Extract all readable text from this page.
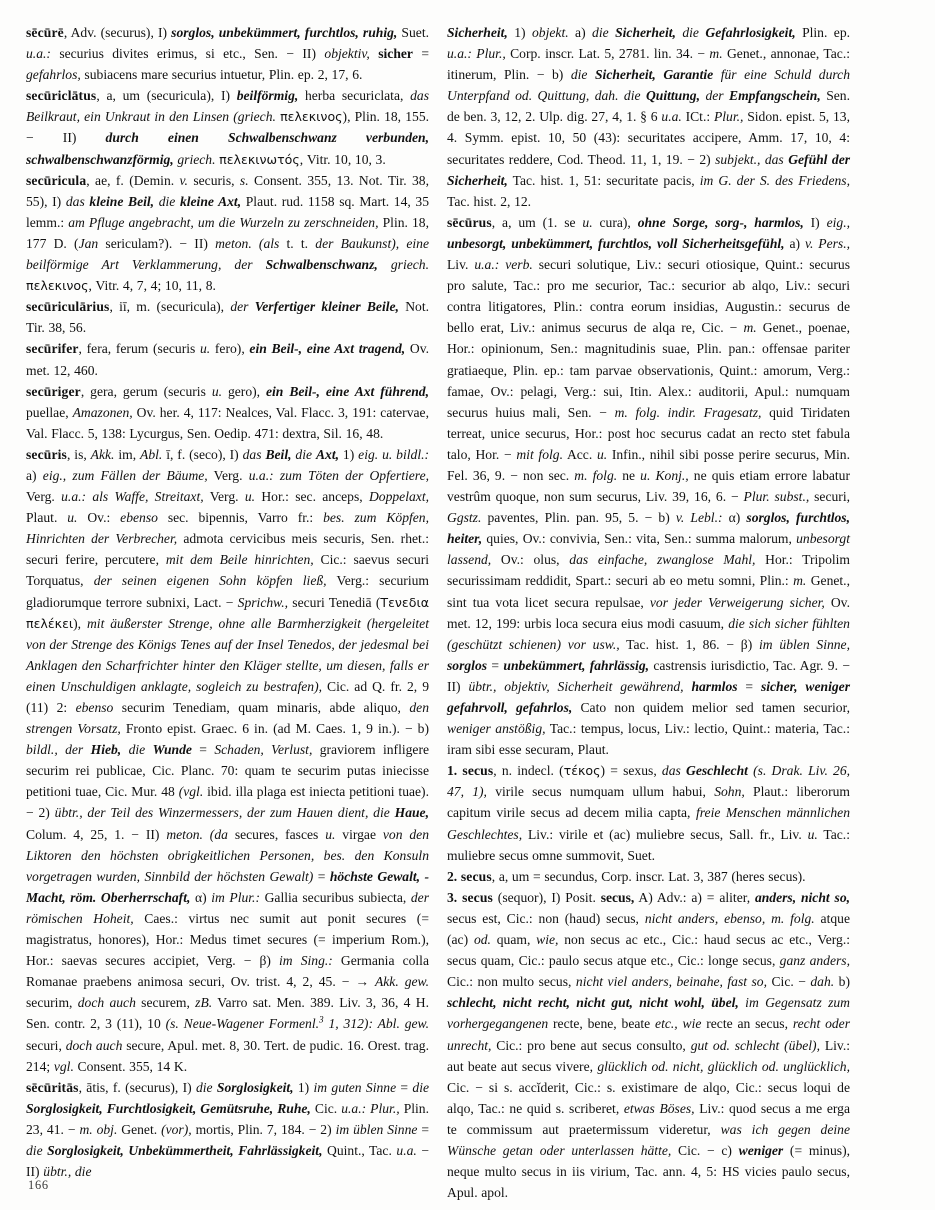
sēcūrē, Adv. (securus), I) sorglos, unbekümmert, furchtlos, ruhig, Suet. u.a.: securius divites erimus, si etc., Sen. − II) objektiv, sicher = gefahrlos, subiacens mare securius intuetur, Plin. ep. 2, 17, 6.

secūriclātus, a, um (securicula), I) beilförmig, herba securiclata, das Beilkraut, ein Unkraut in den Linsen (griech. πελεκινος), Plin. 18, 155. − II) durch einen Schwalbenschwanz verbunden, schwalbenschwanzförmig, griech. πελεκινωτός, Vitr. 10, 10, 3.

secūricula, ae, f. (Demin. v. securis, s. Consent. 355, 13. Not. Tir. 38, 55), I) das kleine Beil, die kleine Axt, Plaut. rud. 1158 sq. Mart. 14, 35 lemm.: am Pfluge angebracht, um die Wurzeln zu zerschneiden, Plin. 18, 177 D. (Jan sericulam?). − II) meton. (als t. t. der Baukunst), eine beilförmige Art Verklammerung, der Schwalbenschwanz, griech. πελεκινος, Vitr. 4, 7, 4; 10, 11, 8.

secūriculārius, iī, m. (securicula), der Verfertiger kleiner Beile, Not. Tir. 38, 56.

secūrifer, fera, ferum (securis u. fero), ein Beil-, eine Axt tragend, Ov. met. 12, 460.

secūriger, gera, gerum (securis u. gero), ein Beil-, eine Axt führend, puellae, Amazonen, Ov. her. 4, 117: Nealces, Val. Flacc. 3, 191: catervae, Val. Flacc. 5, 138: Lycurgus, Sen. Oedip. 471: dextra, Sil. 16, 48.

secūris, is, Akk. im, Abl. ī, f. (seco), I) das Beil, die Axt, 1) eig. u. bildl.: a) eig., zum Fällen der Bäume, Verg. u.a.: zum Töten der Opfertiere, Verg. u.a.: als Waffe, Streitaxt, Verg. u. Hor.: sec. anceps, Doppelaxt, Plaut. u. Ov.: ebenso sec. bipennis, Varro fr.: bes. zum Köpfen, Hinrichten der Verbrecher, admota cervicibus meis securis, Sen. rhet.: securi ferire, percutere, mit dem Beile hinrichten, Cic.: saevus securi Torquatus, der seinen eigenen Sohn köpfen ließ, Verg.: securium gladiorumque terrore subnixi, Lact. − Sprichw., securi Tenediā (Τενεδια πελέκει), mit äußerster Strenge, ohne alle Barmherzigkeit (hergeleitet von der Strenge des Königs Tenes auf der Insel Tenedos, der jedesmal bei Anklagen den Scharfrichter hinter den Kläger stellte, um diesen, falls er einen Unschuldigen anklagte, sogleich zu bestrafen), Cic. ad Q. fr. 2, 9 (11) 2: ebenso securim Tenediam, quam minaris, abde aliquo, den strengen Vorsatz, Fronto epist. Graec. 6 in. (ad M. Caes. 1, 9 in.). − b) bildl., der Hieb, die Wunde = Schaden, Verlust, graviorem infligere securim rei publicae, Cic. Planc. 70: quam te securim putas iniecisse petitioni tuae, Cic. Mur. 48 (vgl. ibid. illa plaga est iniecta petitioni tuae). − 2) übtr., der Teil des Winzermessers, der zum Hauen dient, die Haue, Colum. 4, 25, 1. − II) meton. (da secures, fasces u. virgae von den Liktoren den höchsten obrigkeitlichen Personen, bes. den Konsuln vorgetragen wurden, Sinnbild der höchsten Gewalt) = höchste Gewalt, -Macht, röm. Oberherrschaft, α) im Plur.: Gallia securibus subiecta, der römischen Hoheit, Caes.: virtus nec sumit aut ponit secures (= magistratus, honores), Hor.: Medus timet secures (= imperium Rom.), Hor.: saevas secures accipiet, Verg. − β) im Sing.: Germania colla Romanae praebens animosa securi, Ov. trist. 4, 2, 45. − → Akk. gew. securim, doch auch securem, zB. Varro sat. Men. 389. Liv. 3, 36, 4 H. Sen. contr. 2, 3 (11), 10 (s. Neue-Wagener Formenl.$^3$ 1, 312): Abl. gew. securi, doch auch secure, Apul. met. 8, 30. Tert. de pudic. 16. Orest. trag. 214; vgl. Consent. 355, 14 K.

sēcūritās, ātis, f. (securus), I) die Sorglosigkeit, 1) im guten Sinne = die Sorglosigkeit, Furchtlosigkeit, Gemütsruhe, Ruhe, Cic. u.a.: Plur., Plin. 23, 41. − m. obj. Genet. (vor), mortis, Plin. 7, 184. − 2) im üblen Sinne = die Sorglosigkeit, Unbekümmertheit, Fahrlässigkeit, Quint., Tac. u.a. − II) übtr., die

Sicherheit, 1) objekt. a) die Sicherheit, die Gefahrlosigkeit, Plin. ep. u.a.: Plur., Corp. inscr. Lat. 5, 2781. lin. 34. − m. Genet., annonae, Tac.: itinerum, Plin. − b) die Sicherheit, Garantie für eine Schuld durch Unterpfand od. Quittung, dah. die Quittung, der Empfangschein, Sen. de ben. 3, 12, 2. Ulp. dig. 27, 4, 1. § 6 u.a. ICt.: Plur., Sidon. epist. 5, 13, 4. Symm. epist. 10, 50 (43): securitates accipere, Amm. 17, 10, 4: securitates reddere, Cod. Theod. 11, 1, 19. − 2) subjekt., das Gefühl der Sicherheit, Tac. hist. 1, 51: securitate pacis, im G. der S. des Friedens, Tac. hist. 2, 12.

sēcūrus, a, um (1. se u. cura), ohne Sorge, sorg-, harmlos, I) eig., unbesorgt, unbekümmert, furchtlos, voll Sicherheitsgefühl, a) v. Pers., Liv. u.a.: verb. securi solutique, Liv.: securi otiosique, Quint.: securus pro salute, Tac.: pro me securior, Tac.: securior ab alqo, Liv.: securi contra litigatores, Plin.: contra eorum insidias, Augustin.: securus de bello erat, Liv.: animus securus de alqa re, Cic. − m. Genet., poenae, Hor.: opinionum, Sen.: magnitudinis suae, Plin. pan.: offensae pariter gratiaeque, Plin. ep.: tam parvae observationis, Quint.: amorum, Verg.: famae, Ov.: pelagi, Verg.: sui, Itin. Alex.: auditorii, Apul.: numquam securus huius mali, Sen. − m. folg. indir. Fragesatz, quid Tiridaten terreat, unice securus, Hor.: post hoc securus cadat an recto stet fabula talo, Hor. − mit folg. Acc. u. Infin., nihil sibi posse perire securus, Min. Fel. 36, 9. − non sec. m. folg. ne u. Konj., ne quis etiam errore labatur vestrûm quoque, non sum securus, Liv. 39, 16, 6. − Plur. subst., securi, Ggstz. paventes, Plin. pan. 95, 5. − b) v. Lebl.: α) sorglos, furchtlos, heiter, quies, Ov.: convivia, Sen.: vita, Sen.: summa malorum, unbesorgt lassend, Ov.: olus, das einfache, zwanglose Mahl, Hor.: Tripolim securissimam reddidit, Spart.: securi ab eo metu somni, Plin.: m. Genet., sint tua vota licet secura repulsae, vor jeder Verweigerung sicher, Ov. met. 12, 199: urbis loca secura eius modi casuum, die sich sicher fühlten (geschützt schienen) vor usw., Tac. hist. 1, 86. − β) im üblen Sinne, sorglos = unbekümmert, fahrlässig, castrensis iurisdictio, Tac. Agr. 9. − II) übtr., objektiv, Sicherheit gewährend, harmlos = sicher, weniger gefahrvoll, gefahrlos, Cato non quidem melior sed tamen securior, weniger anstößig, Tac.: tempus, locus, Liv.: lectio, Quint.: materia, Tac.: iram sibi esse securam, Plaut.

1. secus, n. indecl. (τέκος) = sexus, das Geschlecht (s. Drak. Liv. 26, 47, 1), virile secus numquam ullum habui, Sohn, Plaut.: liberorum capitum virile secus ad decem milia capta, freie Menschen männlichen Geschlechtes, Liv.: virile et (ac) muliebre secus, Sall. fr., Liv. u. Tac.: muliebre secus omne summovit, Suet.

2. secus, a, um = secundus, Corp. inscr. Lat. 3, 387 (heres secus).

3. secus (sequor), I) Posit. secus, A) Adv.: a) = aliter, anders, nicht so, secus est, Cic.: non (haud) secus, nicht anders, ebenso, m. folg. atque (ac) od. quam, wie, non secus ac etc., Cic.: haud secus ac etc., Verg.: secus quam, Cic.: paulo secus atque etc., Cic.: longe secus, ganz anders, Cic.: non multo secus, nicht viel anders, beinahe, fast so, Cic. − dah. b) schlecht, nicht recht, nicht gut, nicht wohl, übel, im Gegensatz zum vorhergegangenen recte, bene, beate etc., wie recte an secus, recht oder unrecht, Cic.: pro bene aut secus consulto, gut od. schlecht (übel), Liv.: aut beate aut secus vivere, glücklich od. nicht, glücklich od. unglücklich, Cic. − si s. accĭderit, Cic.: s. existimare de alqo, Cic.: secus loqui de alqo, Tac.: ne quid s. scriberet, etwas Böses, Liv.: quod secus a me erga te commissum aut praetermissum videretur, was ich gegen deine Wünsche getan oder unterlassen hätte, Cic. − c) weniger (= minus), neque multo secus in iis virium, Tac. ann. 4, 5: HS vicies paulo secus, Apul. apol.

166
